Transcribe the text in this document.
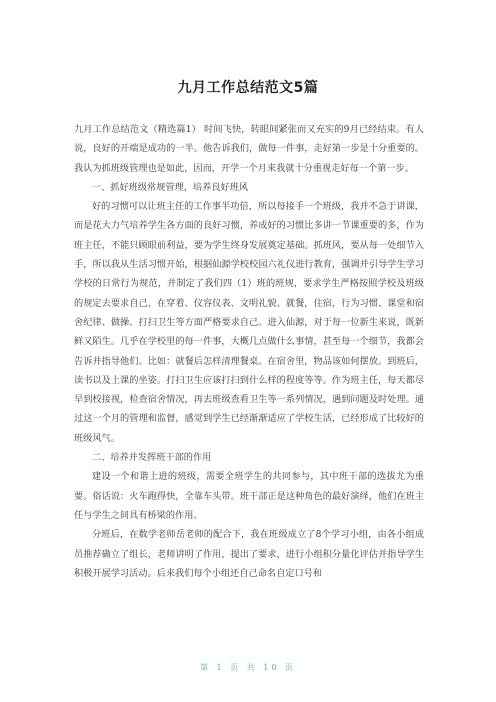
九月工作总结范文5篇

九月工作总结范文（精选篇1） 时间飞快，转眼间紧张而又充实的9月已经结束。有人说，良好的开端是成功的一半。他告诉我们，做每一件事，走好第一步是十分重要的。我认为抓班级管理也是如此，因而，开学一个月来我就十分重视走好每一个第一步。

一、抓好班级常规管理，培养良好班风

好的习惯可以让班主任的工作事半功倍，所以每接手一个班级，我并不急于讲课，而是花大力气培养学生各方面的良好习惯，养成好的习惯比多讲一节课重要的多，作为班主任，不能只顾眼前利益，要为学生终身发展奠定基础。抓班风，要从每一处细节入手，所以我从生活习惯开始，根据仙源学校校园六礼仪进行教育，强调并引导学生学习学校的日常行为规范，并制定了我们四（1）班的班规，要求学生严格按照学校及班级的规定去要求自己，在穿着、仪容仪表、文明礼貌、就餐，住宿，行为习惯、课堂和宿舍纪律、做操、打扫卫生等方面严格要求自己。进入仙源，对于每一位新生来说，既新鲜又陌生。几乎在学校里的每一件事，大概几点做什么事情，甚至每一个细节，我都会告诉并指导他们。比如：就餐后怎样清理餐桌。在宿舍里，物品该如何摆放。到班后，读书以及上课的坐姿。打扫卫生应该打扫到什么样的程度等等。作为班主任，每天都尽早到校接视，检查宿舍情况，再去班级查看卫生等一系列情况，遇到问题及时处理。通过这一个月的管理和监督，感觉到学生已经渐渐适应了学校生活，已经形成了比较好的班级风气。

二、培养并发挥班干部的作用

建设一个和谐上进的班级，需要全班学生的共同参与，其中班干部的选拔尤为重要。俗话说：火车跑得快，全靠车头带。班干部正是这种角色的最好演绎，他们在班主任与学生之间具有桥梁的作用。

分班后，在数学老师岳老师的配合下，我在班级成立了8个学习小组，由各小组成员推荐确立了组长，老师讲明了作用，提出了要求，进行小组积分量化评估并指导学生积极开展学习活动。后来我们每个小组还自己命名自定口号和

第 1 页 共 10 页
